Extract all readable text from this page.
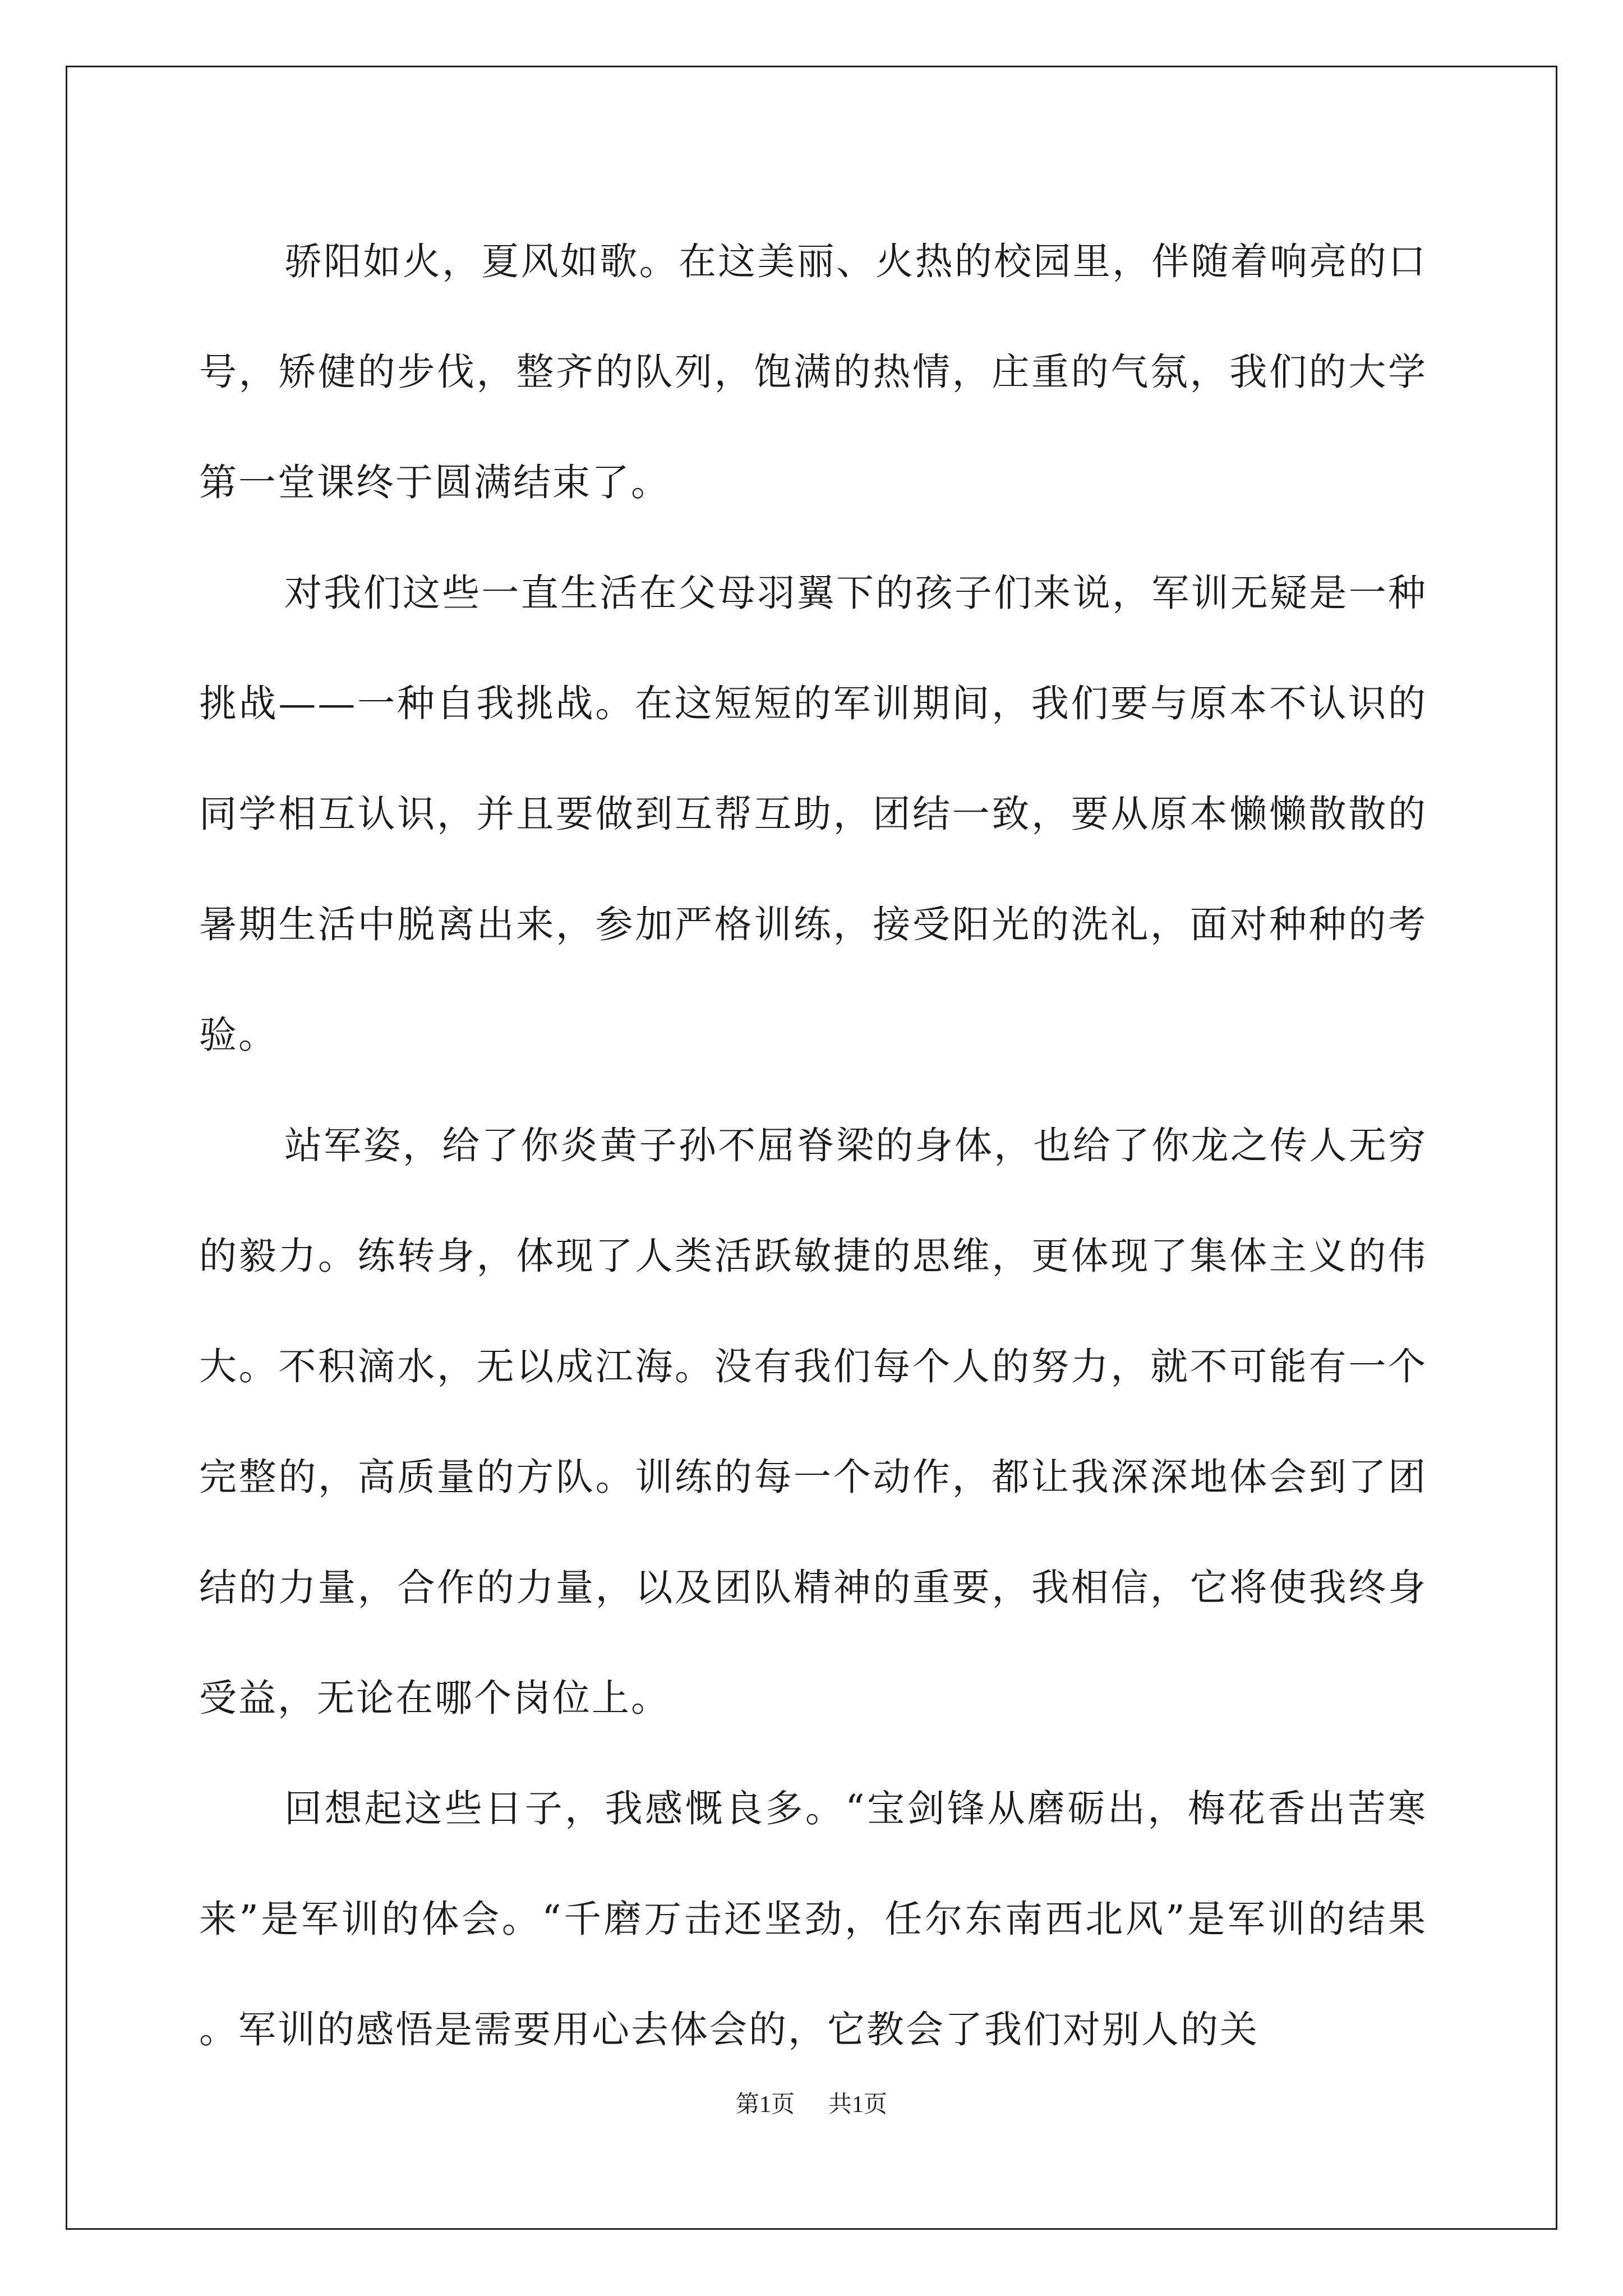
骄阳如火，夏风如歌。在这美丽、火热的校园里，伴随着响亮的口号，矫健的步伐，整齐的队列，饱满的热情，庄重的气氛，我们的大学第一堂课终于圆满结束了。

对我们这些一直生活在父母羽翼下的孩子们来说，军训无疑是一种挑战——一种自我挑战。在这短短的军训期间，我们要与原本不认识的同学相互认识，并且要做到互帮互助，团结一致，要从原本懒懒散散的暑期生活中脱离出来，参加严格训练，接受阳光的洗礼，面对种种的考验。

站军姿，给了你炎黄子孙不屈脊梁的身体，也给了你龙之传人无穷的毅力。练转身，体现了人类活跃敏捷的思维，更体现了集体主义的伟大。不积滴水，无以成江海。没有我们每个人的努力，就不可能有一个完整的，高质量的方队。训练的每一个动作，都让我深深地体会到了团结的力量，合作的力量，以及团队精神的重要，我相信，它将使我终身受益，无论在哪个岗位上。

回想起这些日子，我感慨良多。“宝剑锋从磨砺出，梅花香出苦寒来”是军训的体会。“千磨万击还坚劲，任尔东南西北风”是军训的结果。军训的感悟是需要用心去体会的，它教会了我们对别人的关

第1页 共1页
